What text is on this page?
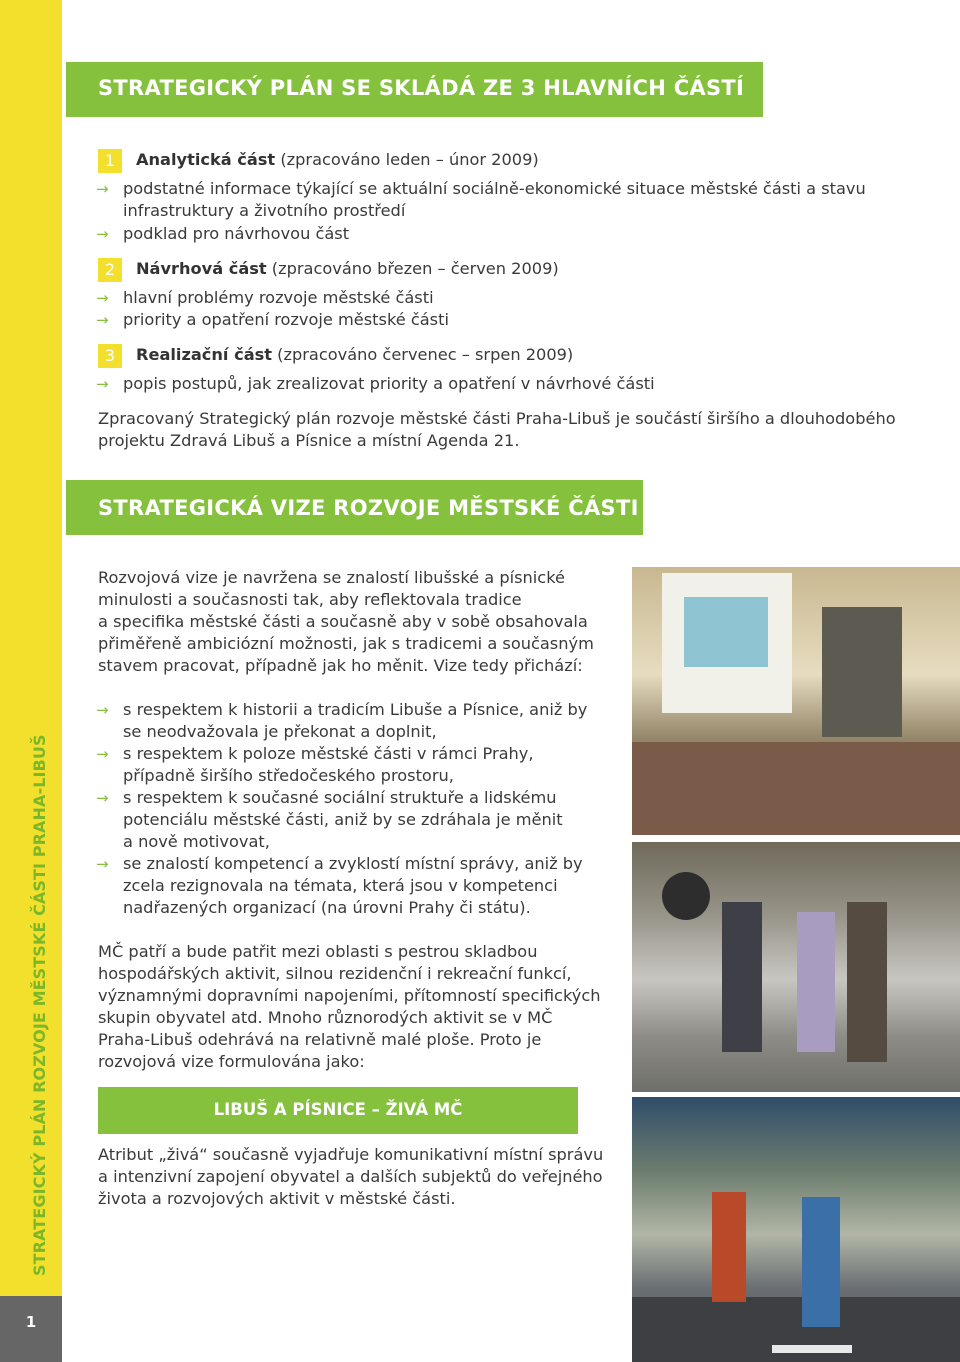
STRATEGICKÝ PLÁN ROZVOJE MĚSTSKÉ ČÁSTI PRAHA-LIBUŠ
1
STRATEGICKÝ PLÁN SE SKLÁDÁ ZE 3 HLAVNÍCH ČÁSTÍ
1	Analytická část (zpracováno leden – únor 2009)
→ podstatné informace týkající se aktuální sociálně-ekonomické situace městské části a stavu
infrastruktury a životního prostředí
→ podklad pro návrhovou část
2	Návrhová část (zpracováno březen – červen 2009)
→ hlavní problémy rozvoje městské části
→ priority a opatření rozvoje městské části
3	Realizační část (zpracováno červenec – srpen 2009)
→ popis postupů, jak zrealizovat priority a opatření v návrhové části
Zpracovaný Strategický plán rozvoje městské části Praha-Libuš je součástí širšího a dlouhodobého
projektu Zdravá Libuš a Písnice a místní Agenda 21.
STRATEGICKÁ VIZE ROZVOJE MĚSTSKÉ ČÁSTI
Rozvojová vize je navržena se znalostí libušské a písnické
minulosti a současnosti tak, aby reflektovala tradice
a specifika městské části a současně aby v sobě obsahovala
přiměřeně ambiciózní možnosti, jak s tradicemi a současným
stavem pracovat, případně jak ho měnit. Vize tedy přichází:
→ s respektem k historii a tradicím Libuše a Písnice, aniž by
se neodvažovala je překonat a doplnit,
→ s respektem k poloze městské části v rámci Prahy,
případně širšího středočeského prostoru,
→ s respektem k současné sociální struktuře a lidskému
potenciálu městské části, aniž by se zdráhala je měnit
a nově motivovat,
→ se znalostí kompetencí a zvyklostí místní správy, aniž by
zcela rezignovala na témata, která jsou v kompetenci
nadřazených organizací (na úrovni Prahy či státu).
MČ patří a bude patřit mezi oblasti s pestrou skladbou
hospodářských aktivit, silnou rezidenční i rekreační funkcí,
významnými dopravními napojeními, přítomností specifických
skupin obyvatel atd. Mnoho různorodých aktivit se v MČ
Praha-Libuš odehrává na relativně malé ploše. Proto je
rozvojová vize formulována jako:
LIBUŠ A PÍSNICE – ŽIVÁ MČ
Atribut „živá“ současně vyjadřuje komunikativní místní správu
a intenzivní zapojení obyvatel a dalších subjektů do veřejného
života a rozvojových aktivit v městské části.
